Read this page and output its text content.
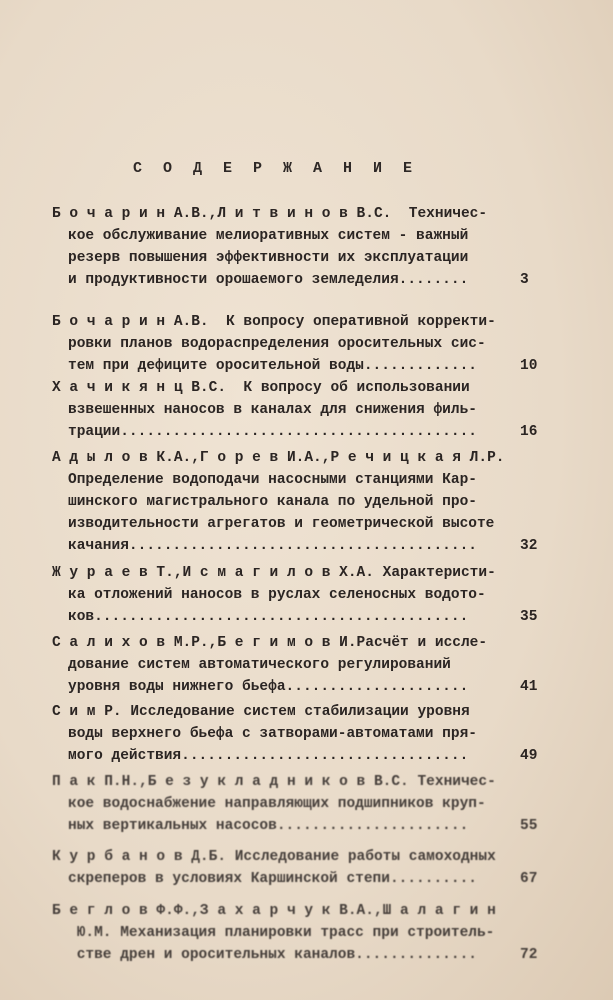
С О Д Е Р Ж А Н И Е
Б о ч а р и н А.В.,Л и т в и н о в В.С.  Техничес-
кое обслуживание мелиоративных систем - важный
резерв повышения эффективности их эксплуатации
и продуктивности орошаемого земледелия........	3
Б о ч а р и н А.В.  К вопросу оперативной корректи-
ровки планов водораспределения оросительных сис-
тем при дефиците оросительной воды.............	10
Х а ч и к я н ц В.С.  К вопросу об использовании
взвешенных наносов в каналах для снижения филь-
трации.........................................	16
А д ы л о в К.А.,Г о р е в И.А.,Р е ч и ц к а я Л.Р.
Определение водоподачи насосными станциями Кар-
шинского магистрального канала по удельной про-
изводительности агрегатов и геометрической высоте
качания........................................	32
Ж у р а е в Т.,И с м а г и л о в Х.А. Характеристи-
ка отложений наносов в руслах селеносных водото-
ков...........................................	35
С а л и х о в М.Р.,Б е г и м о в И.Расчёт и иссле-
дование систем автоматического регулирований
уровня воды нижнего бьефа.....................	41
С и м Р. Исследование систем стабилизации уровня
воды верхнего бьефа с затворами-автоматами пря-
мого действия.................................	49
П а к П.Н.,Б е з у к л а д н и к о в В.С. Техничес-
кое водоснабжение направляющих подшипников круп-
ных вертикальных насосов......................	55
К у р б а н о в Д.Б. Исследование работы самоходных
скреперов в условиях Каршинской степи..........	67
Б е г л о в Ф.Ф.,З а х а р ч у к В.А.,Ш а л а г и н
Ю.М. Механизация планировки трасс при строитель-
стве дрен и оросительных каналов..............	72
